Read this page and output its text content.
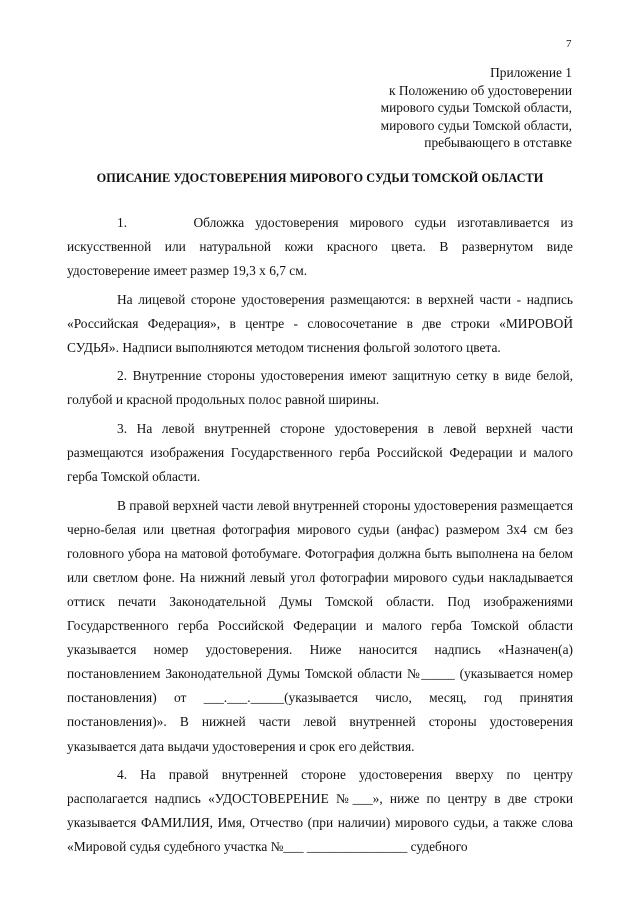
7
Приложение 1
к Положению об удостоверении
мирового судьи Томской области,
мирового судьи Томской области,
пребывающего в отставке
ОПИСАНИЕ УДОСТОВЕРЕНИЯ МИРОВОГО СУДЬИ ТОМСКОЙ ОБЛАСТИ

1.      Обложка удостоверения мирового судьи изготавливается из искусственной или натуральной кожи красного цвета. В развернутом виде удостоверение имеет размер 19,3 х 6,7 см.

На лицевой стороне удостоверения размещаются: в верхней части - надпись «Российская Федерация», в центре - словосочетание в две строки «МИРОВОЙ СУДЬЯ». Надписи выполняются методом тиснения фольгой золотого цвета.

2. Внутренние стороны удостоверения имеют защитную сетку в виде белой, голубой и красной продольных полос равной ширины.

3. На левой внутренней стороне удостоверения в левой верхней части размещаются изображения Государственного герба Российской Федерации и малого герба Томской области.

В правой верхней части левой внутренней стороны удостоверения размещается черно-белая или цветная фотография мирового судьи (анфас) размером 3х4 см без головного убора на матовой фотобумаге. Фотография должна быть выполнена на белом или светлом фоне. На нижний левый угол фотографии мирового судьи накладывается оттиск печати Законодательной Думы Томской области. Под изображениями Государственного герба Российской Федерации и малого герба Томской области указывается номер удостоверения. Ниже наносится надпись «Назначен(а) постановлением Законодательной Думы Томской области №_____ (указывается номер постановления) от ___.___._____(указывается число, месяц, год принятия постановления)». В нижней части левой внутренней стороны удостоверения указывается дата выдачи удостоверения и срок его действия.

4. На правой внутренней стороне удостоверения вверху по центру располагается надпись «УДОСТОВЕРЕНИЕ №___», ниже по центру в две строки указывается ФАМИЛИЯ, Имя, Отчество (при наличии) мирового судьи, а также слова «Мировой судья судебного участка №___ _______________ судебного
